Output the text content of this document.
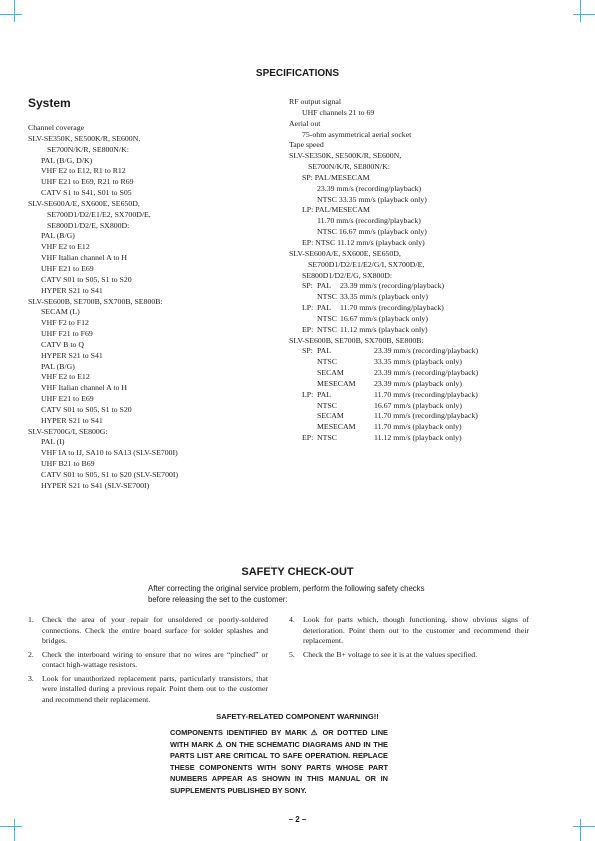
SPECIFICATIONS
System
Channel coverage
SLV-SE350K, SE500K/R, SE600N,
SE700N/K/R, SE800N/K:
PAL (B/G, D/K)
VHF E2 to E12, R1 to R12
UHF E21 to E69, R21 to R69
CATV S1 to S41, S01 to S05
SLV-SE600A/E, SX600E, SE650D,
SE700D1/D2/E1/E2, SX700D/E,
SE800D1/D2/E, SX800D:
PAL (B/G)
VHF E2 to E12
VHF Italian channel A to H
UHF E21 to E69
CATV S01 to S05, S1 to S20
HYPER S21 to S41
SLV-SE600B, SE700B, SX700B, SE800B:
SECAM (L)
VHF F2 to F12
UHF F21 to F69
CATV B to Q
HYPER S21 to S41
PAL (B/G)
VHF E2 to E12
VHF Italian channel A to H
UHF E21 to E69
CATV S01 to S05, S1 to S20
HYPER S21 to S41
SLV-SE700G/I, SE800G:
PAL (I)
VHF IA to IJ, SA10 to SA13 (SLV-SE700I)
UHF B21 to B69
CATV S01 to S05, S1 to S20 (SLV-SE700I)
HYPER S21 to S41 (SLV-SE700I)
RF output signal
UHF channels 21 to 69
Aerial out
75-ohm asymmetrical aerial socket
Tape speed
SLV-SE350K, SE500K/R, SE600N,
SE700N/K/R, SE800N/K:
SP: PAL/MESECAM
23.39 mm/s (recording/playback)
NTSC 33.35 mm/s (playback only)
LP: PAL/MESECAM
11.70 mm/s (recording/playback)
NTSC 16.67 mm/s (playback only)
EP: NTSC 11.12 mm/s (playback only)
SLV-SE600A/E, SX600E, SE650D,
SE700D1/D2/E1/E2/G/I, SX700D/E,
SE800D1/D2/E/G, SX800D:
SP: PAL 23.39 mm/s (recording/playback)
NTSC 33.35 mm/s (playback only)
LP: PAL 11.70 mm/s (recording/playback)
NTSC 16.67 mm/s (playback only)
EP: NTSC 11.12 mm/s (playback only)
SLV-SE600B, SE700B, SX700B, SE800B:
SP: PAL	23.39 mm/s (recording/playback)
NTSC	33.35 mm/s (playback only)
SECAM	23.39 mm/s (recording/playback)
MESECAM 23.39 mm/s (playback only)
LP: PAL	11.70 mm/s (recording/playback)
NTSC	16.67 mm/s (playback only)
SECAM	11.70 mm/s (recording/playback)
MESECAM 11.70 mm/s (playback only)
EP: NTSC	11.12 mm/s (playback only)
SAFETY CHECK-OUT
After correcting the original service problem, perform the following safety checks before releasing the set to the customer:
1.	Check the area of your repair for unsoldered or poorly-soldered connections. Check the entire board surface for solder splashes and bridges.
2.	Check the interboard wiring to ensure that no wires are “pinched” or contact high-wattage resistors.
3.	Look for unauthorized replacement parts, particularly transistors, that were installed during a previous repair. Point them out to the customer and recommend their replacement.
4.	Look for parts which, though functioning, show obvious signs of deterioration. Point them out to the customer and recommend their replacement.
5.	Check the B+ voltage to see it is at the values specified.
SAFETY-RELATED COMPONENT WARNING!!
COMPONENTS IDENTIFIED BY MARK ⚠ OR DOTTED LINE WITH MARK ⚠ ON THE SCHEMATIC DIAGRAMS AND IN THE PARTS LIST ARE CRITICAL TO SAFE OPERATION. REPLACE THESE COMPONENTS WITH SONY PARTS WHOSE PART NUMBERS APPEAR AS SHOWN IN THIS MANUAL OR IN SUPPLEMENTS PUBLISHED BY SONY.
– 2 –
